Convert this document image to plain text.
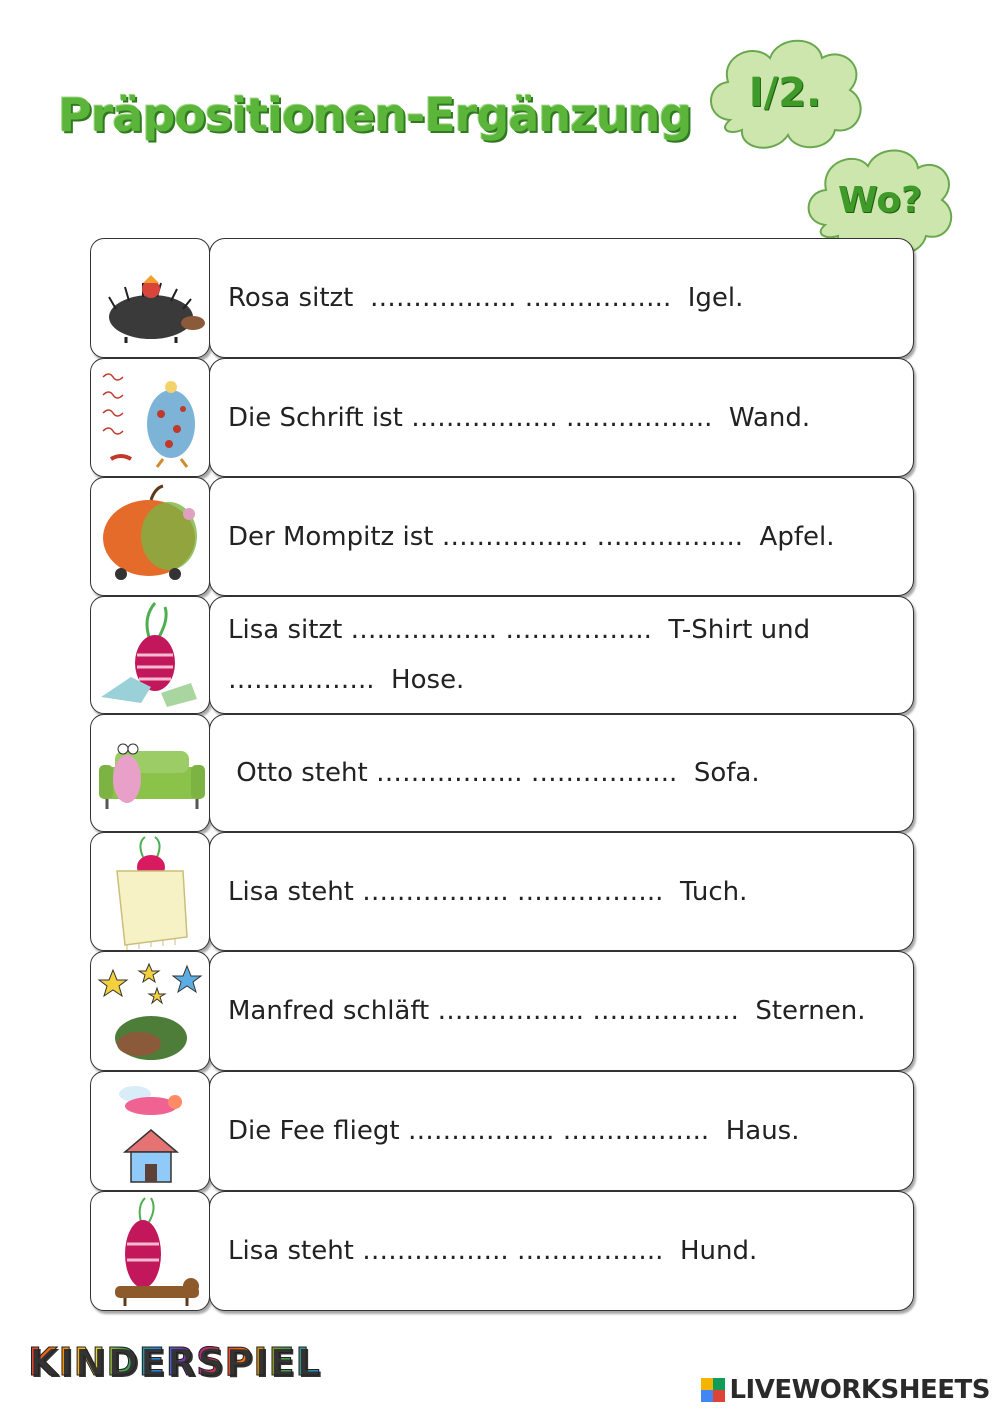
Präpositionen-Ergänzung	I/2.
Wo?
Rosa sitzt  …………….. ……………..  Igel.
Die Schrift ist …………….. ……………..  Wand.
Der Mompitz ist …………….. ……………..  Apfel.
Lisa sitzt …………….. ……………..  T-Shirt und
……………..  Hose.
Otto steht …………….. ……………..  Sofa.
Lisa steht …………….. ……………..  Tuch.
Manfred schläft …………….. ……………..  Sternen.
Die Fee fliegt …………….. ……………..  Haus.
Lisa steht …………….. ……………..  Hund.
KINDERSPIEL
LIVEWORKSHEETS
